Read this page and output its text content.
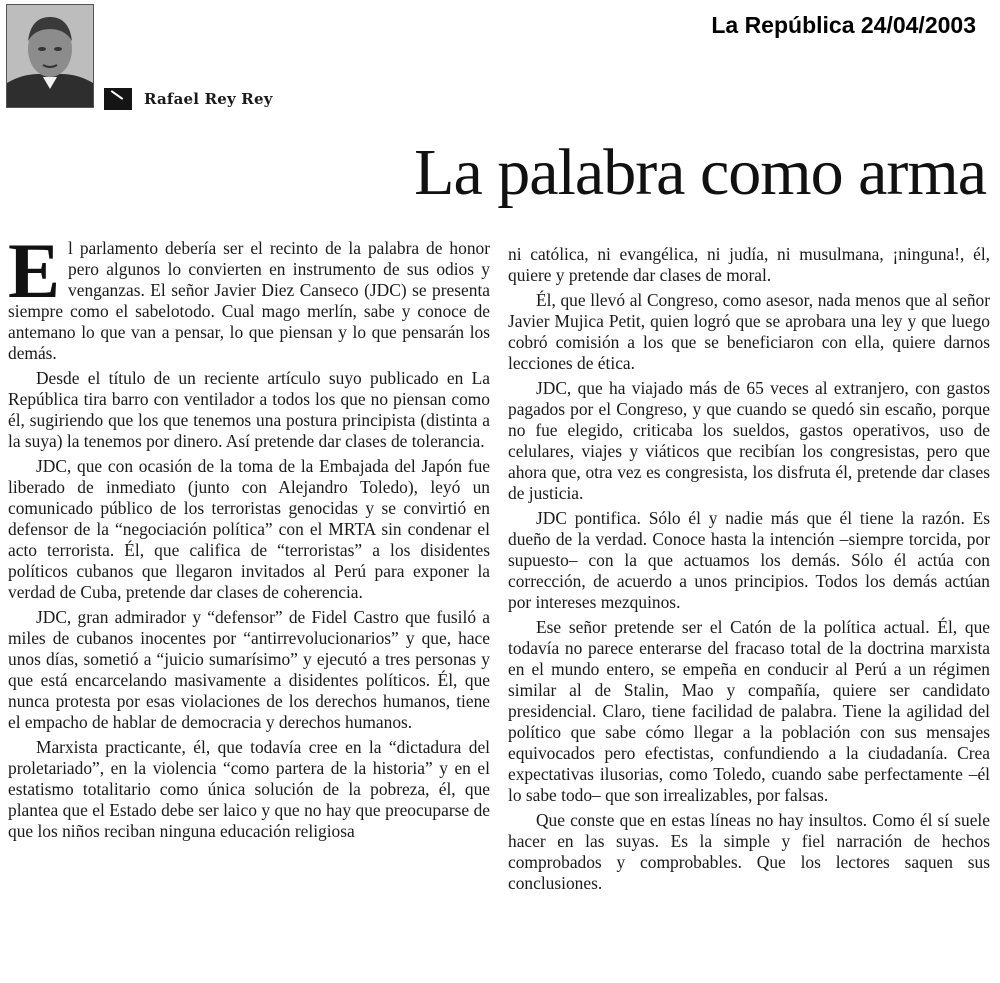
La República 24/04/2003
Rafael Rey Rey
La palabra como arma

El parlamento debería ser el recinto de la palabra de honor pero algunos lo convierten en instrumento de sus odios y venganzas. El señor Javier Diez Canseco (JDC) se presenta siempre como el sabelotodo. Cual mago merlín, sabe y conoce de antemano lo que van a pensar, lo que piensan y lo que pensarán los demás.

Desde el título de un reciente artículo suyo publicado en La República tira barro con ventilador a todos los que no piensan como él, sugiriendo que los que tenemos una postura principista (distinta a la suya) la tenemos por dinero. Así pretende dar clases de tolerancia.

JDC, que con ocasión de la toma de la Embajada del Japón fue liberado de inmediato (junto con Alejandro Toledo), leyó un comunicado público de los terroristas genocidas y se convirtió en defensor de la “negociación política” con el MRTA sin condenar el acto terrorista. Él, que califica de “terroristas” a los disidentes políticos cubanos que llegaron invitados al Perú para exponer la verdad de Cuba, pretende dar clases de coherencia.

JDC, gran admirador y “defensor” de Fidel Castro que fusiló a miles de cubanos inocentes por “antirrevolucionarios” y que, hace unos días, sometió a “juicio sumarísimo” y ejecutó a tres personas y que está encarcelando masivamente a disidentes políticos. Él, que nunca protesta por esas violaciones de los derechos humanos, tiene el empacho de hablar de democracia y derechos humanos.

Marxista practicante, él, que todavía cree en la “dictadura del proletariado”, en la violencia “como partera de la historia” y en el estatismo totalitario como única solución de la pobreza, él, que plantea que el Estado debe ser laico y que no hay que preocuparse de que los niños reciban ninguna educación religiosa

ni católica, ni evangélica, ni judía, ni musulmana, ¡ninguna!, él, quiere y pretende dar clases de moral.

Él, que llevó al Congreso, como asesor, nada menos que al señor Javier Mujica Petit, quien logró que se aprobara una ley y que luego cobró comisión a los que se beneficiaron con ella, quiere darnos lecciones de ética.

JDC, que ha viajado más de 65 veces al extranjero, con gastos pagados por el Congreso, y que cuando se quedó sin escaño, porque no fue elegido, criticaba los sueldos, gastos operativos, uso de celulares, viajes y viáticos que recibían los congresistas, pero que ahora que, otra vez es congresista, los disfruta él, pretende dar clases de justicia.

JDC pontifica. Sólo él y nadie más que él tiene la razón. Es dueño de la verdad. Conoce hasta la intención –siempre torcida, por supuesto– con la que actuamos los demás. Sólo él actúa con corrección, de acuerdo a unos principios. Todos los demás actúan por intereses mezquinos.

Ese señor pretende ser el Catón de la política actual. Él, que todavía no parece enterarse del fracaso total de la doctrina marxista en el mundo entero, se empeña en conducir al Perú a un régimen similar al de Stalin, Mao y compañía, quiere ser candidato presidencial. Claro, tiene facilidad de palabra. Tiene la agilidad del político que sabe cómo llegar a la población con sus mensajes equivocados pero efectistas, confundiendo a la ciudadanía. Crea expectativas ilusorias, como Toledo, cuando sabe perfectamente –él lo sabe todo– que son irrealizables, por falsas.

Que conste que en estas líneas no hay insultos. Como él sí suele hacer en las suyas. Es la simple y fiel narración de hechos comprobados y comprobables. Que los lectores saquen sus conclusiones.
